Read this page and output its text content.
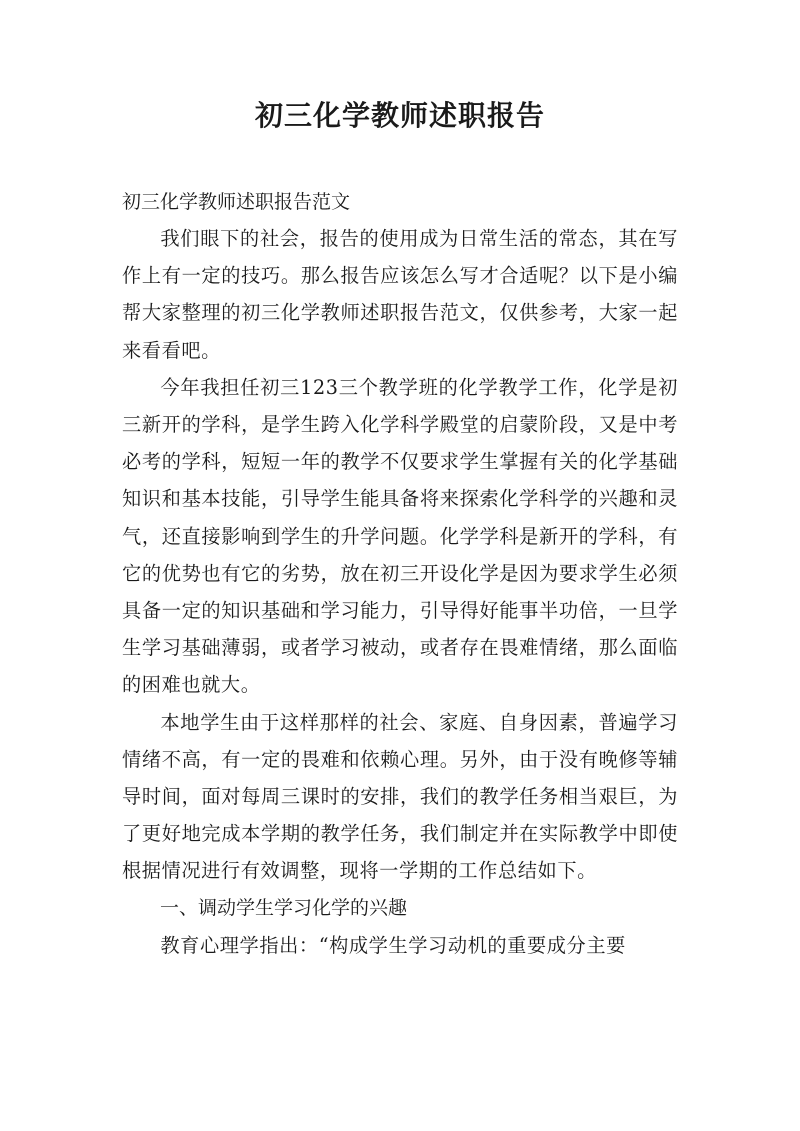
初三化学教师述职报告

初三化学教师述职报告范文

我们眼下的社会，报告的使用成为日常生活的常态，其在写作上有一定的技巧。那么报告应该怎么写才合适呢？以下是小编帮大家整理的初三化学教师述职报告范文，仅供参考，大家一起来看看吧。

今年我担任初三123三个教学班的化学教学工作，化学是初三新开的学科，是学生跨入化学科学殿堂的启蒙阶段，又是中考必考的学科，短短一年的教学不仅要求学生掌握有关的化学基础知识和基本技能，引导学生能具备将来探索化学科学的兴趣和灵气，还直接影响到学生的升学问题。化学学科是新开的学科，有它的优势也有它的劣势，放在初三开设化学是因为要求学生必须具备一定的知识基础和学习能力，引导得好能事半功倍，一旦学生学习基础薄弱，或者学习被动，或者存在畏难情绪，那么面临的困难也就大。

本地学生由于这样那样的社会、家庭、自身因素，普遍学习情绪不高，有一定的畏难和依赖心理。另外，由于没有晚修等辅导时间，面对每周三课时的安排，我们的教学任务相当艰巨，为了更好地完成本学期的教学任务，我们制定并在实际教学中即使根据情况进行有效调整，现将一学期的工作总结如下。

一、调动学生学习化学的兴趣

教育心理学指出：“构成学生学习动机的重要成分主要
